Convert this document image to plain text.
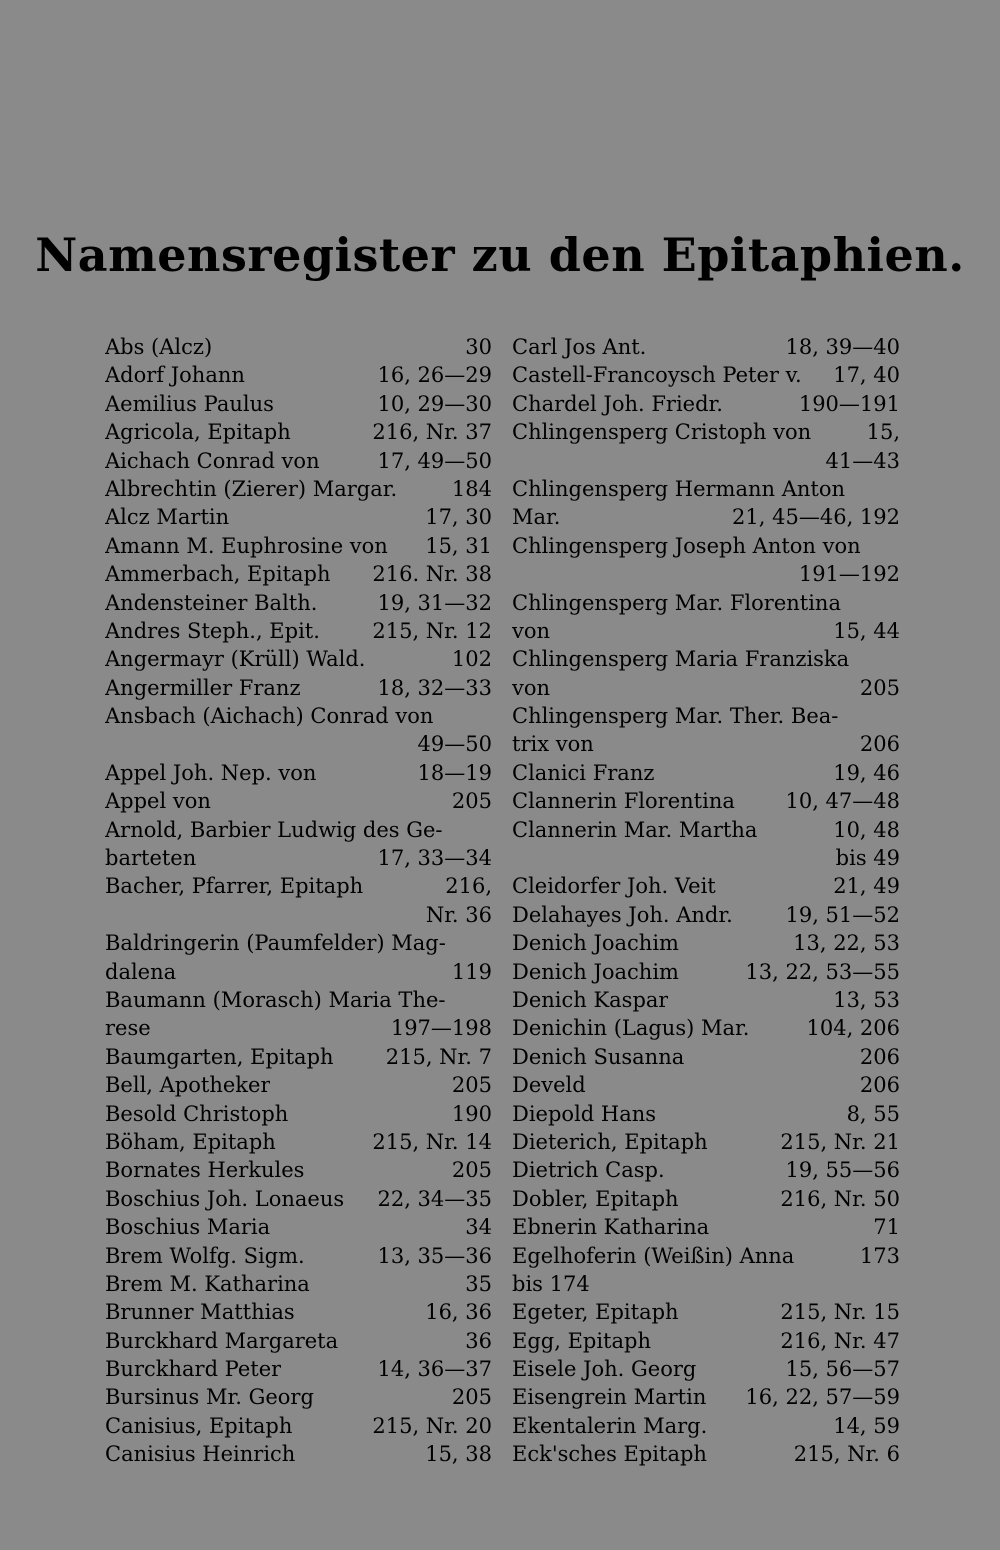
Namensregister zu den Epitaphien.
Abs (Alcz)	30
Adorf Johann	16, 26—29
Aemilius Paulus	10, 29—30
Agricola, Epitaph	216, Nr. 37
Aichach Conrad von	17, 49—50
Albrechtin (Zierer) Margar.	184
Alcz Martin	17, 30
Amann M. Euphrosine von 15, 31
Ammerbach, Epitaph 216. Nr. 38
Andensteiner Balth.	19, 31—32
Andres Steph., Epit. 215, Nr. 12
Angermayr (Krüll) Wald.	102
Angermiller Franz	18, 32—33
Ansbach (Aichach) Conrad von
49—50
Appel Joh. Nep. von	18—19
Appel von	205
Arnold, Barbier Ludwig des Ge-
barteten	17, 33—34
Bacher, Pfarrer, Epitaph	216,
Nr. 36
Baldringerin (Paumfelder) Mag-
dalena	119
Baumann (Morasch) Maria The-
rese	197—198
Baumgarten, Epitaph 215, Nr. 7
Bell, Apotheker	205
Besold Christoph	190
Böham, Epitaph	215, Nr. 14
Bornates Herkules	205
Boschius Joh. Lonaeus 22, 34—35
Boschius Maria	34
Brem Wolfg. Sigm.	13, 35—36
Brem M. Katharina	35
Brunner Matthias	16, 36
Burckhard Margareta	36
Burckhard Peter	14, 36—37
Bursinus Mr. Georg	205
Canisius, Epitaph	215, Nr. 20
Canisius Heinrich	15, 38
Carl Jos Ant.	18, 39—40
Castell-Francoysch Peter v. 17, 40
Chardel Joh. Friedr.	190—191
Chlingensperg Cristoph von	15,
41—43
Chlingensperg Hermann Anton
Mar.	21, 45—46, 192
Chlingensperg Joseph Anton von
191—192
Chlingensperg Mar. Florentina
von	15, 44
Chlingensperg Maria Franziska
von	205
Chlingensperg Mar. Ther. Bea-
trix von	206
Clanici Franz	19, 46
Clannerin Florentina 10, 47—48
Clannerin Mar. Martha	10, 48
bis 49
Cleidorfer Joh. Veit	21, 49
Delahayes Joh. Andr.	19, 51—52
Denich Joachim	13, 22, 53
Denich Joachim	13, 22, 53—55
Denich Kaspar	13, 53
Denichin (Lagus) Mar.	104, 206
Denich Susanna	206
Develd	206
Diepold Hans	8, 55
Dieterich, Epitaph	215, Nr. 21
Dietrich Casp.	19, 55—56
Dobler, Epitaph	216, Nr. 50
Ebnerin Katharina	71
Egelhoferin (Weißin) Anna	173
bis 174
Egeter, Epitaph	215, Nr. 15
Egg, Epitaph	216, Nr. 47
Eisele Joh. Georg	15, 56—57
Eisengrein Martin 16, 22, 57—59
Ekentalerin Marg.	14, 59
Eck'sches Epitaph	215, Nr. 6
